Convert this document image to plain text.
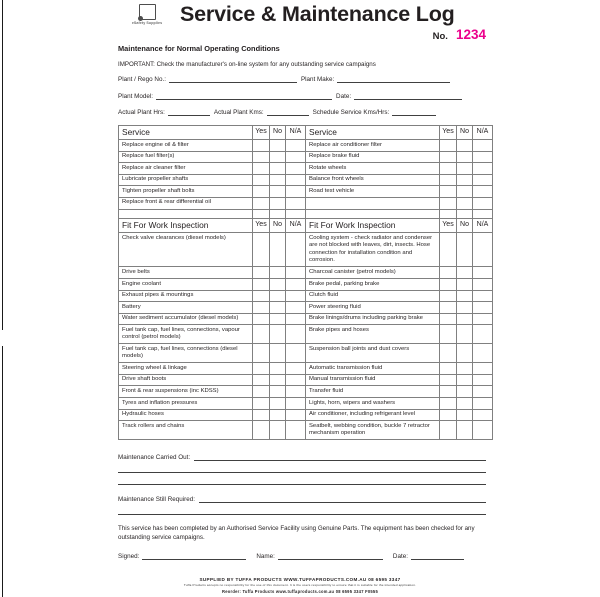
eSafety Supplies Service & Maintenance Log
No. 1234
Maintenance for Normal Operating Conditions
IMPORTANT: Check the manufacturer's on-line system for any outstanding service campaigns
Plant / Rego No.:	Plant Make:
Plant Model:	Date:
Actual Plant Hrs:	Actual Plant Kms:	Schedule Service Kms/Hrs:
Service	Yes	No	N/A	Service	Yes	No	N/A
Replace engine oil & filter				Replace air conditioner filter			
Replace fuel filter(s)				Replace brake fluid			
Replace air cleaner filter				Rotate wheels			
Lubricate propeller shafts				Balance front wheels			
Tighten propeller shaft bolts				Road test vehicle			
Replace front & rear differential oil							

Fit For Work Inspection	Yes	No	N/A	Fit For Work Inspection	Yes	No	N/A
Check valve clearances (diesel models)				Cooling system - check radiator and condenser are not blocked with leaves, dirt, insects. Hose connection for installation condition and corrosion.			
Drive belts				Charcoal canister (petrol models)			
Engine coolant				Brake pedal, parking brake			
Exhaust pipes & mountings				Clutch fluid			
Battery				Power steering fluid			
Water sediment accumulator (diesel models)				Brake linings/drums including parking brake			
Fuel tank cap, fuel lines, connections, vapour control (petrol models)				Brake pipes and hoses			
Fuel tank cap, fuel lines, connections (diesel models)				Suspension ball joints and dust covers			
Steering wheel & linkage				Automatic transmission fluid			
Drive shaft boots				Manual transmission fluid			
Front & rear suspensions (inc KDSS)				Transfer fluid			
Tyres and inflation pressures				Lights, horn, wipers and washers			
Hydraulic hoses				Air conditioner, including refrigerant level			
Track rollers and chains				Seatbelt, webbing condition, buckle 7 retractor mechanism operation			
Maintenance Carried Out:
Maintenance Still Required:
This service has been completed by an Authorised Service Facility using Genuine Parts. The equipment has been checked for any outstanding service campaigns.
Signed:	Name:	Date:
SUPPLIED BY TUFFA PRODUCTS WWW.TUFFAPRODUCTS.COM.AU 08 6595 3347
Tuffa Products accepts no responsibility for the use of this document. It is the users responsibility to ensure that it is suitable for the intended application.
Reorder: Tuffa Products www.tuffaproducts.com.au 08 6595 3347 F0555
